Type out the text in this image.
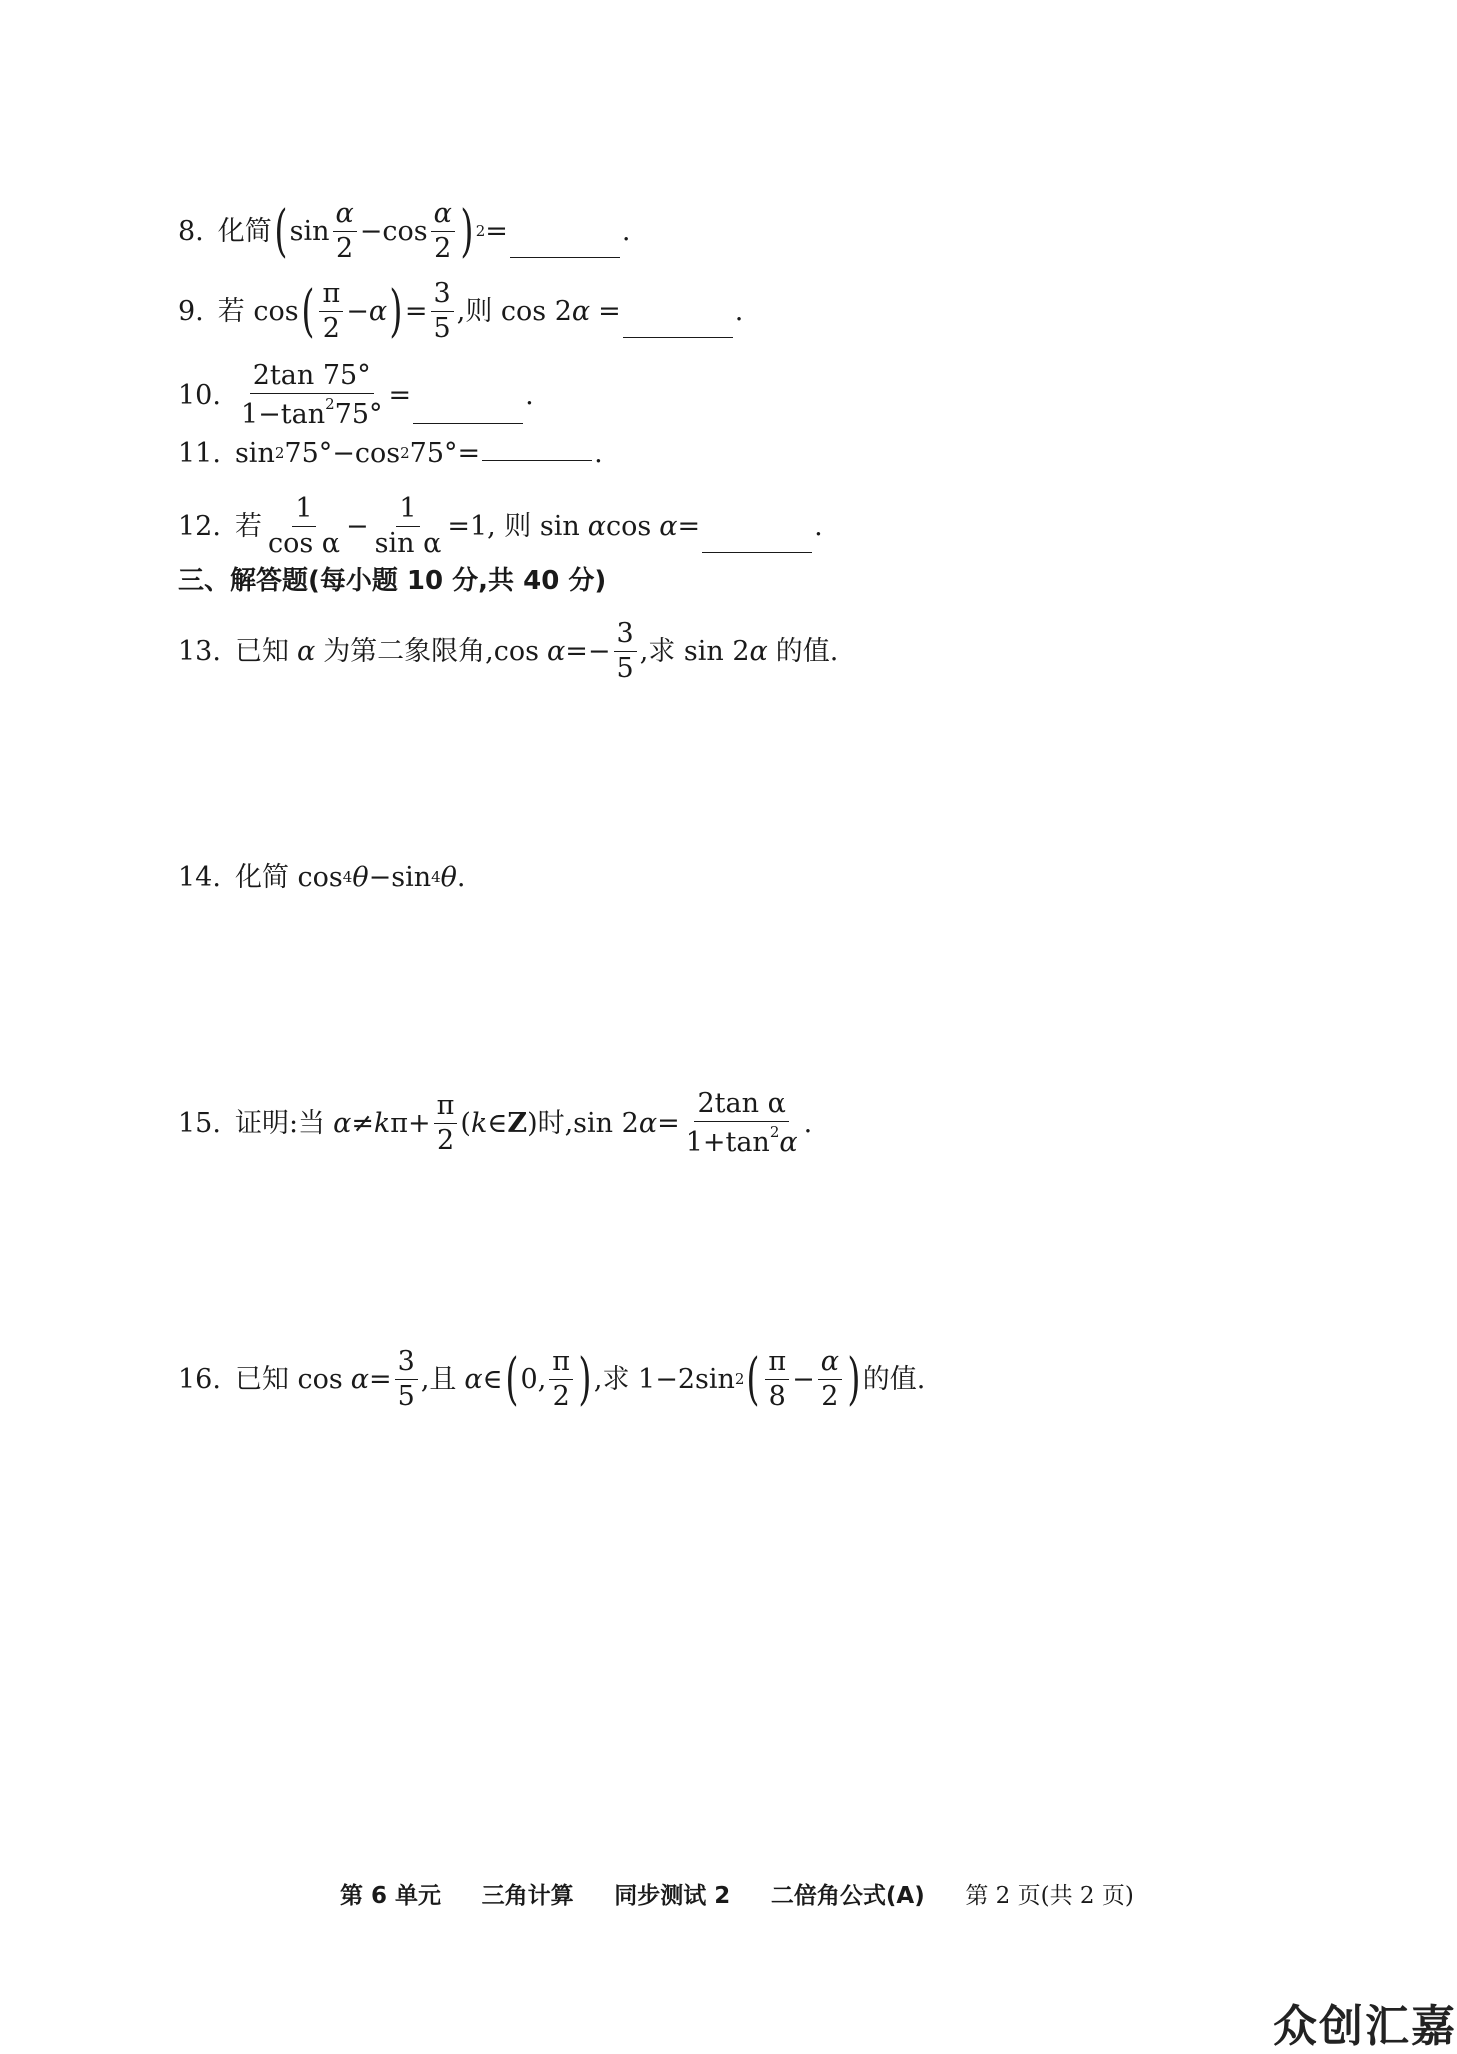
8. 化简 ( $\sin \frac{\alpha}{2} - \cos \frac{\alpha}{2}$ ) 2 =	.
9. 若 cos ( $\frac{\pi}{2} - \alpha$ ) = $\frac{3}{5}$ ,则 cos 2 α =	.
10. $\frac{2\tan 75^\circ}{1-\tan^275^\circ}$ =	.
11. sin 2 75°−cos 2 75°=	.
12. 若 $\frac{1}{\text{cos α}} - \frac{1}{\text{sin α}} =1$, 则 sin α cos α =	.
三、解答题(每小题 10 分,共 40 分)
13. 已知 α 为第二象限角,cos $\alpha =- \frac{3}{5}$ ,求 sin 2 α 的值.
14. 化简 cos 4 θ −sin 4 θ .
15. 证明:当 α ≠ k $\pi+ \frac{\pi}{2}$ ( k ∈ Z )时,sin 2 $\alpha = \frac{\text{2tan α}}{1+\tan^2\alpha}$ .
16. 已知 $\cos \alpha = \frac{3}{5}$ ,且 α ∈ ( 0, $\frac{\pi}{2}$ ) ,求 1−2sin 2 ( $\frac{\pi}{8} - \frac{\alpha}{2}$ ) 的值.
第 6 单元 三角计算 同步测试 2 二倍角公式(A) 第 2 页(共 2 页)
众创汇嘉
